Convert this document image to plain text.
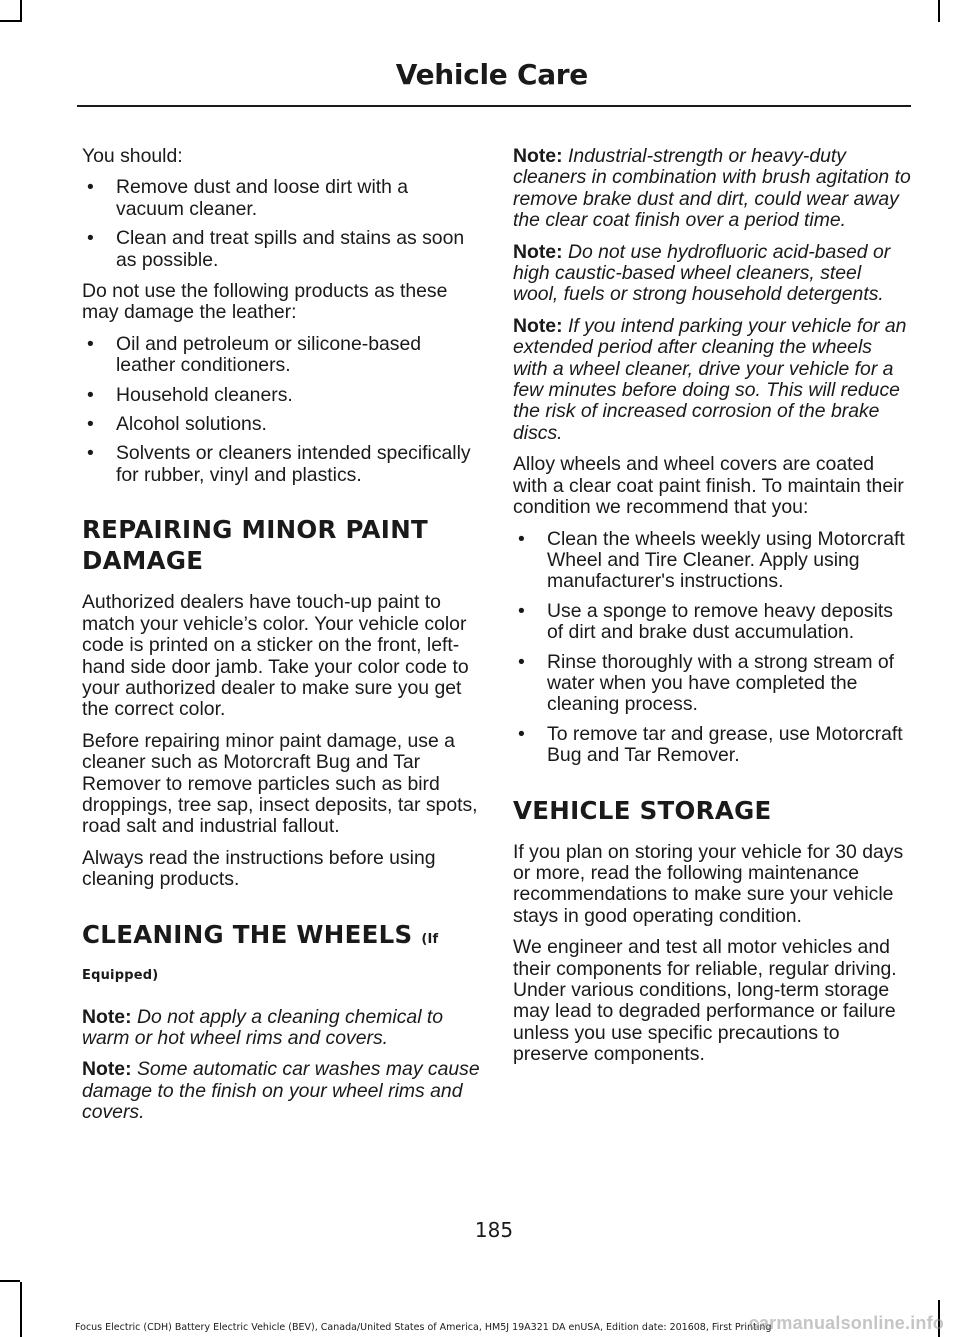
Vehicle Care

You should:

• Remove dust and loose dirt with a vacuum cleaner.
• Clean and treat spills and stains as soon as possible.

Do not use the following products as these may damage the leather:

• Oil and petroleum or silicone-based leather conditioners.
• Household cleaners.
• Alcohol solutions.
• Solvents or cleaners intended specifically for rubber, vinyl and plastics.
REPAIRING MINOR PAINT DAMAGE

Authorized dealers have touch-up paint to match your vehicle’s color. Your vehicle color code is printed on a sticker on the front, left-hand side door jamb. Take your color code to your authorized dealer to make sure you get the correct color.

Before repairing minor paint damage, use a cleaner such as Motorcraft Bug and Tar Remover to remove particles such as bird droppings, tree sap, insect deposits, tar spots, road salt and industrial fallout.

Always read the instructions before using cleaning products.

CLEANING THE WHEELS (If Equipped)

Note: Do not apply a cleaning chemical to warm or hot wheel rims and covers.

Note: Some automatic car washes may cause damage to the finish on your wheel rims and covers.

Note: Industrial-strength or heavy-duty cleaners in combination with brush agitation to remove brake dust and dirt, could wear away the clear coat finish over a period time.

Note: Do not use hydrofluoric acid-based or high caustic-based wheel cleaners, steel wool, fuels or strong household detergents.

Note: If you intend parking your vehicle for an extended period after cleaning the wheels with a wheel cleaner, drive your vehicle for a few minutes before doing so. This will reduce the risk of increased corrosion of the brake discs.

Alloy wheels and wheel covers are coated with a clear coat paint finish. To maintain their condition we recommend that you:

• Clean the wheels weekly using Motorcraft Wheel and Tire Cleaner. Apply using manufacturer's instructions.
• Use a sponge to remove heavy deposits of dirt and brake dust accumulation.
• Rinse thoroughly with a strong stream of water when you have completed the cleaning process.
• To remove tar and grease, use Motorcraft Bug and Tar Remover.
VEHICLE STORAGE

If you plan on storing your vehicle for 30 days or more, read the following maintenance recommendations to make sure your vehicle stays in good operating condition.

We engineer and test all motor vehicles and their components for reliable, regular driving. Under various conditions, long-term storage may lead to degraded performance or failure unless you use specific precautions to preserve components.

185
Focus Electric (CDH) Battery Electric Vehicle (BEV), Canada/United States of America, HM5J 19A321 DA enUSA, Edition date: 201608, First Printing
carmanualsonline.info
